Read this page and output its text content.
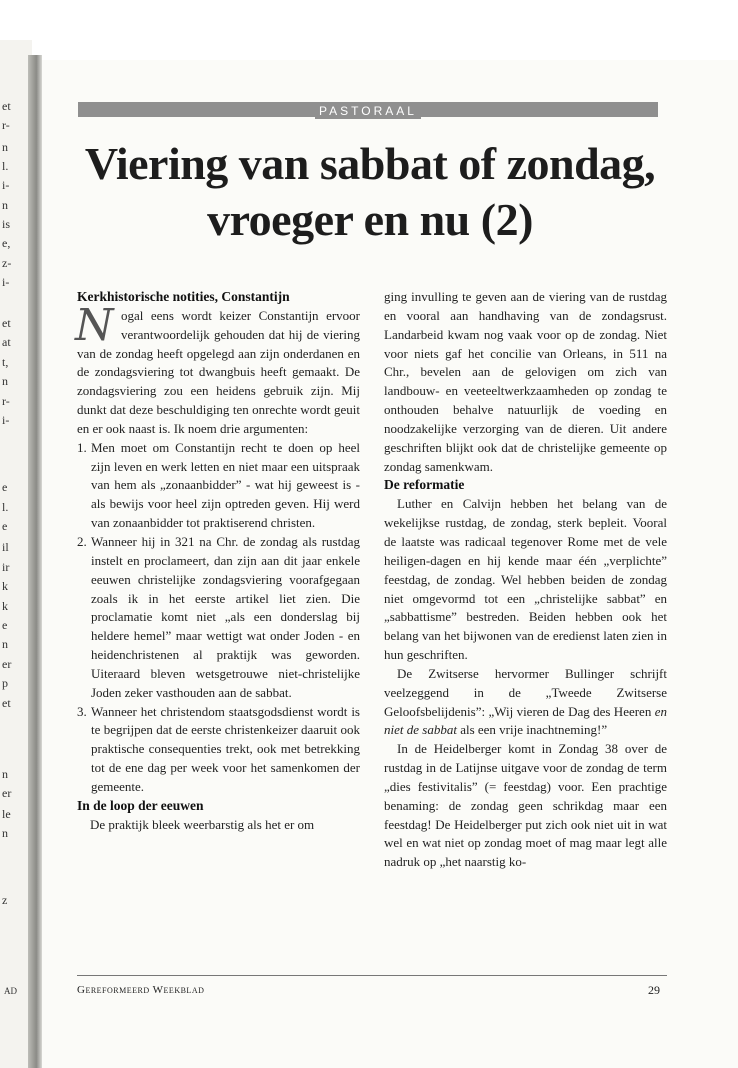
et
r-
n
l.
i-
n
is
e,
z-
i-
et
at
t,
n
r-
i-
e
l.
e
il
ir
k
k
e
n
er
p
et
n
er
le
n
z
AD
PASTORAAL
Viering van sabbat of zondag,
vroeger en nu (2)

Kerkhistorische notities, Constantijn

Nogal eens wordt keizer Constantijn ervoor verantwoordelijk gehouden dat hij de viering van de zondag heeft opgelegd aan zijn onderdanen en de zondagsviering tot dwangbuis heeft gemaakt. De zondagsviering zou een heidens gebruik zijn. Mij dunkt dat deze beschuldiging ten onrechte wordt geuit en er ook naast is. Ik noem drie argumenten:

1. Men moet om Constantijn recht te doen op heel zijn leven en werk letten en niet maar een uitspraak van hem als „zonaanbidder” - wat hij geweest is - als bewijs voor heel zijn optreden geven. Hij werd van zonaanbidder tot praktiserend christen.
2. Wanneer hij in 321 na Chr. de zondag als rustdag instelt en proclameert, dan zijn aan dit jaar enkele eeuwen christelijke zondagsviering voorafgegaan zoals ik in het eerste artikel liet zien. Die proclamatie komt niet „als een donderslag bij heldere hemel” maar wettigt wat onder Joden - en heidenchristenen al praktijk was geworden. Uiteraard bleven wetsgetrouwe niet-christelijke Joden zeker vasthouden aan de sabbat.
3. Wanneer het christendom staatsgodsdienst wordt is te begrijpen dat de eerste christenkeizer daaruit ook praktische consequenties trekt, ook met betrekking tot de ene dag per week voor het samenkomen der gemeente.

In de loop der eeuwen

De praktijk bleek weerbarstig als het er om

ging invulling te geven aan de viering van de rustdag en vooral aan handhaving van de zondagsrust. Landarbeid kwam nog vaak voor op de zondag. Niet voor niets gaf het concilie van Orleans, in 511 na Chr., bevelen aan de gelovigen om zich van landbouw- en veeteeltwerkzaamheden op zondag te onthouden behalve natuurlijk de voeding en noodzakelijke verzorging van de dieren. Uit andere geschriften blijkt ook dat de christelijke gemeente op zondag samenkwam.

De reformatie

Luther en Calvijn hebben het belang van de wekelijkse rustdag, de zondag, sterk bepleit. Vooral de laatste was radicaal tegenover Rome met de vele heiligen-dagen en hij kende maar één „verplichte” feestdag, de zondag. Wel hebben beiden de zondag niet omgevormd tot een „christelijke sabbat” en „sabbattisme” bestreden. Beiden hebben ook het belang van het bijwonen van de eredienst laten zien in hun geschriften.

De Zwitserse hervormer Bullinger schrijft veelzeggend in de „Tweede Zwitserse Geloofsbelijdenis”: „Wij vieren de Dag des Heeren en niet de sabbat als een vrije inachtneming!”

In de Heidelberger komt in Zondag 38 over de rustdag in de Latijnse uitgave voor de zondag de term „dies festivitalis” (= feestdag) voor. Een prachtige benaming: de zondag geen schrikdag maar een feestdag! De Heidelberger put zich ook niet uit in wat wel en wat niet op zondag moet of mag maar legt alle nadruk op „het naarstig ko-

Gereformeerd Weekblad	29
